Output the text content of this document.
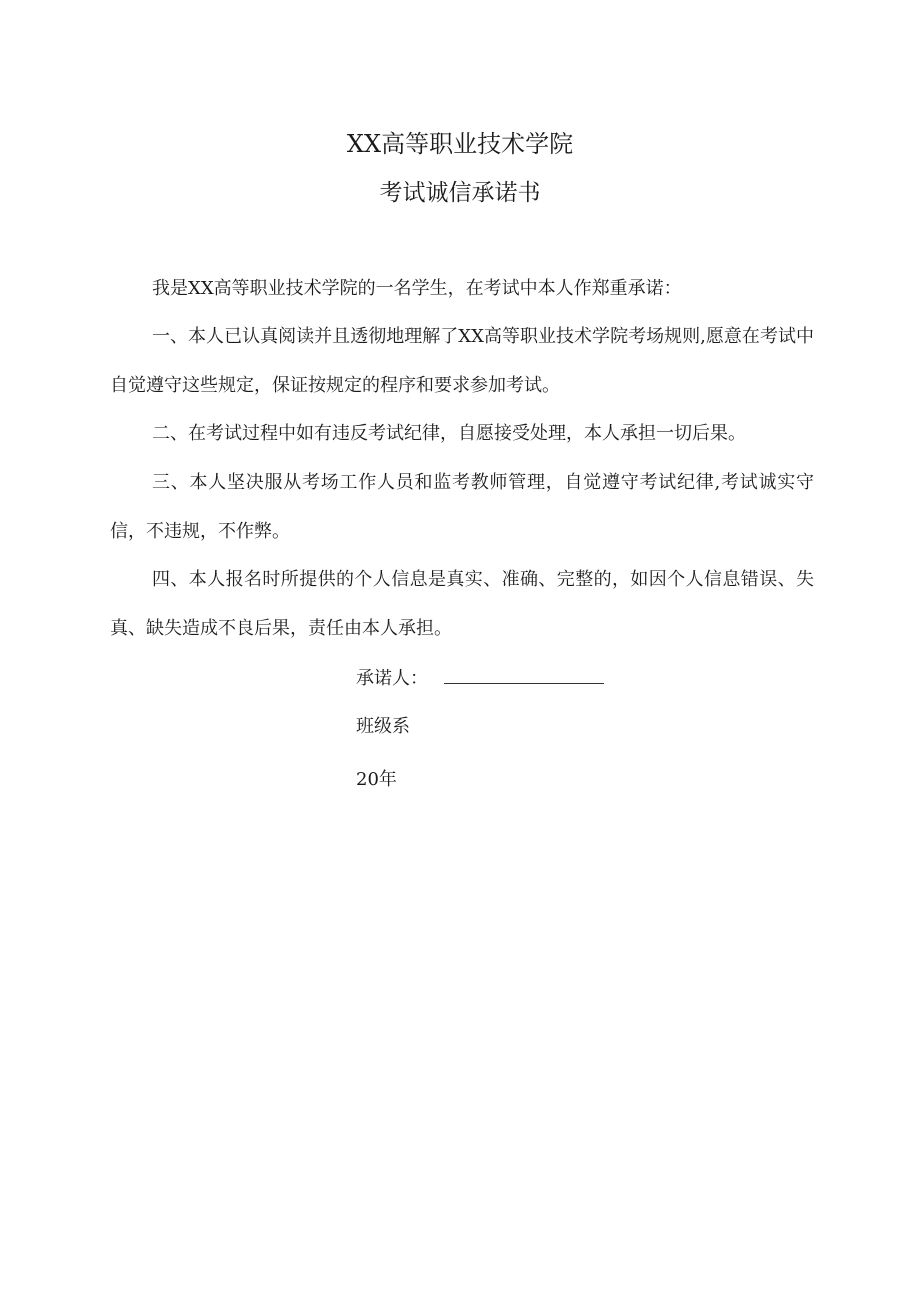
XX高等职业技术学院
考试诚信承诺书
我是XX高等职业技术学院的一名学生，在考试中本人作郑重承诺：
一、本人已认真阅读并且透彻地理解了XX高等职业技术学院考场规则,愿意在考试中自觉遵守这些规定，保证按规定的程序和要求参加考试。
二、在考试过程中如有违反考试纪律，自愿接受处理，本人承担一切后果。
三、本人坚决服从考场工作人员和监考教师管理，自觉遵守考试纪律,考试诚实守信，不违规，不作弊。
四、本人报名时所提供的个人信息是真实、准确、完整的，如因个人信息错误、失真、缺失造成不良后果，责任由本人承担。
承诺人：
班级系
20年
